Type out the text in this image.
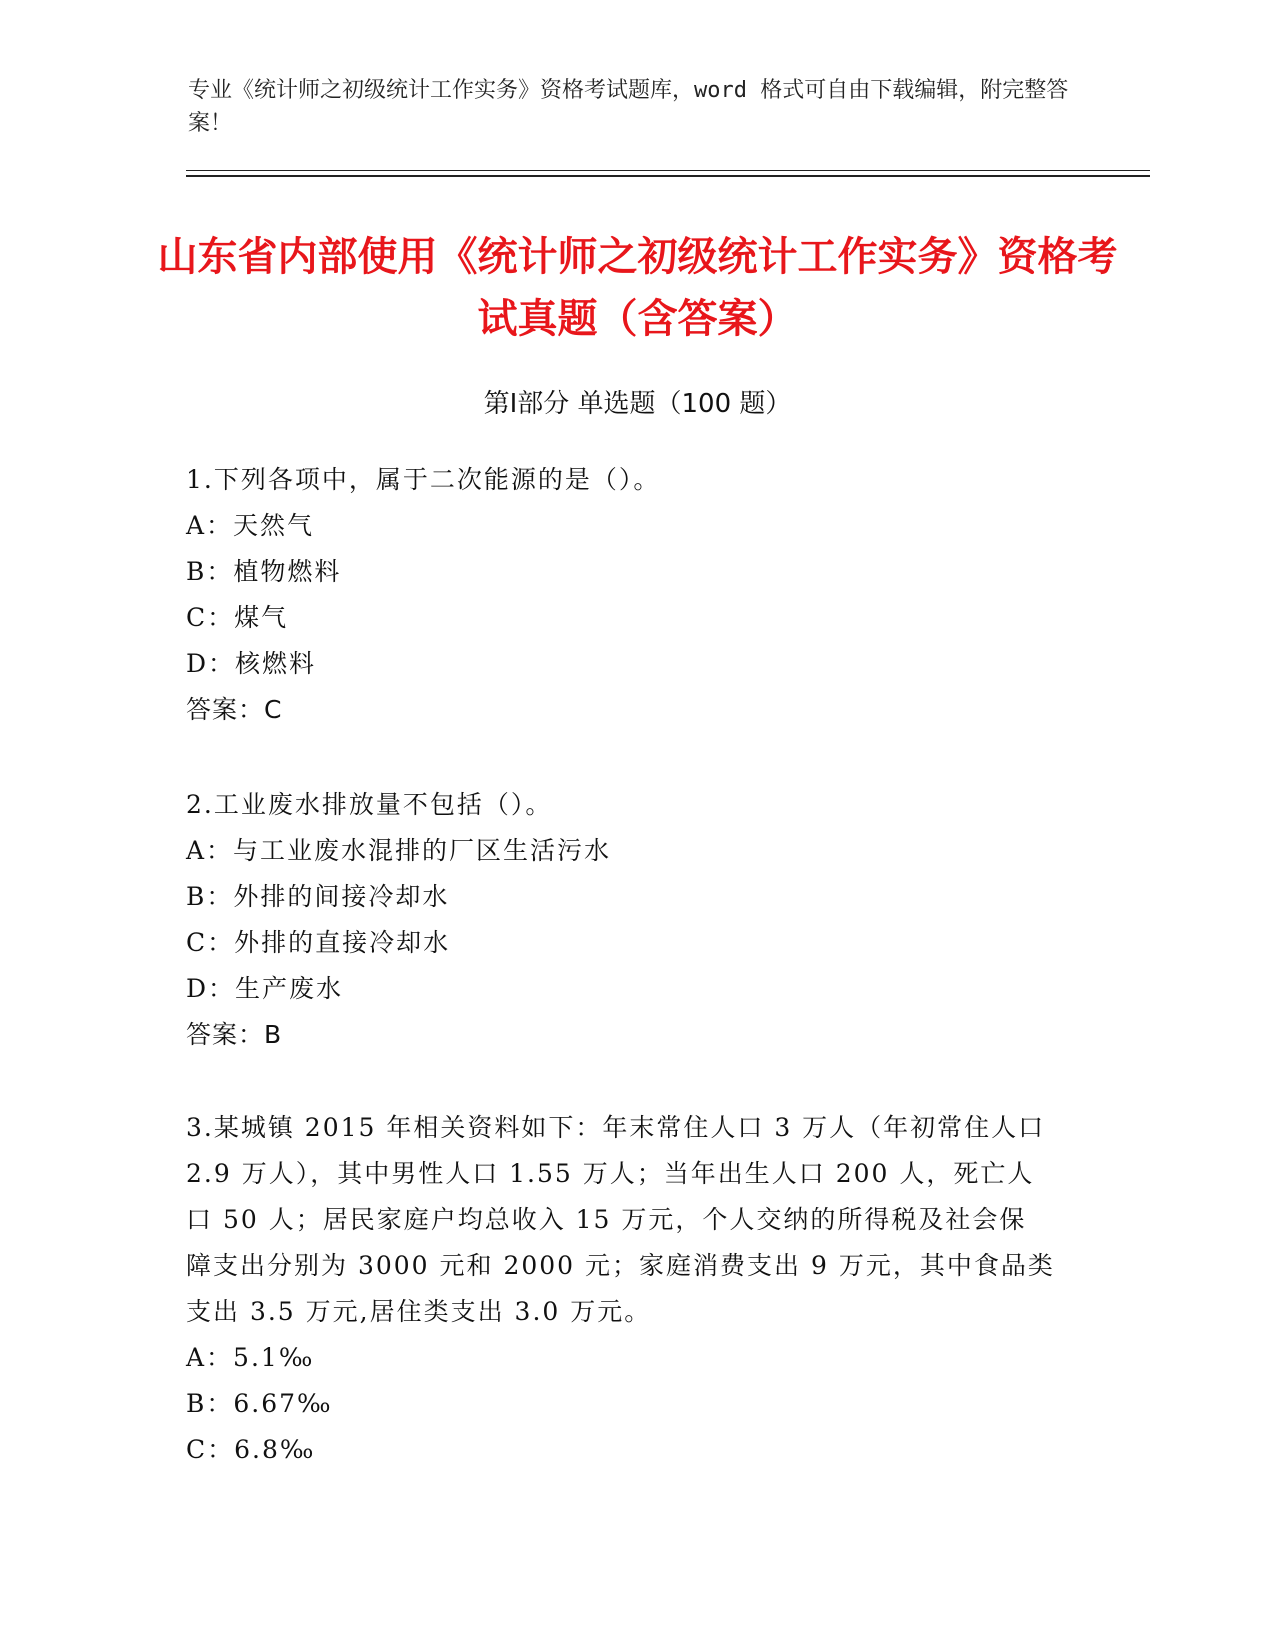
专业《统计师之初级统计工作实务》资格考试题库，word 格式可自由下载编辑，附完整答案！
山东省内部使用《统计师之初级统计工作实务》资格考试真题（含答案）
第Ⅰ部分 单选题（100 题）
1.下列各项中，属于二次能源的是（）。
A：天然气
B：植物燃料
C：煤气
D：核燃料
答案：C
2.工业废水排放量不包括（）。
A：与工业废水混排的厂区生活污水
B：外排的间接冷却水
C：外排的直接冷却水
D：生产废水
答案：B
3.某城镇 2015 年相关资料如下：年末常住人口 3 万人（年初常住人口
2.9 万人），其中男性人口 1.55 万人；当年出生人口 200 人，死亡人
口 50 人；居民家庭户均总收入 15 万元，个人交纳的所得税及社会保
障支出分别为 3000 元和 2000 元；家庭消费支出 9 万元，其中食品类
支出 3.5 万元,居住类支出 3.0 万元。
A：5.1‰
B：6.67‰
C：6.8‰
